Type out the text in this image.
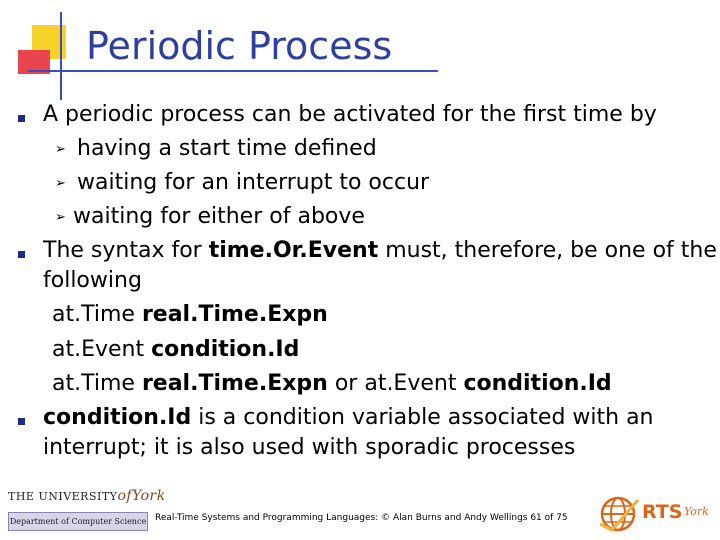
Periodic Process
A periodic process can be activated for the first time by
➢ having a start time defined
➢ waiting for an interrupt to occur
➢ waiting for either of above
The syntax for time.Or.Event must, therefore, be one of the
following
at.Time real.Time.Expn
at.Event condition.Id
at.Time real.Time.Expn or at.Event condition.Id
condition.Id is a condition variable associated with an
interrupt; it is also used with sporadic processes
THE UNIVERSITYofYork
Department of Computer Science Real-Time Systems and Programming Languages: © Alan Burns and Andy Wellings 61 of 75	RTS York
